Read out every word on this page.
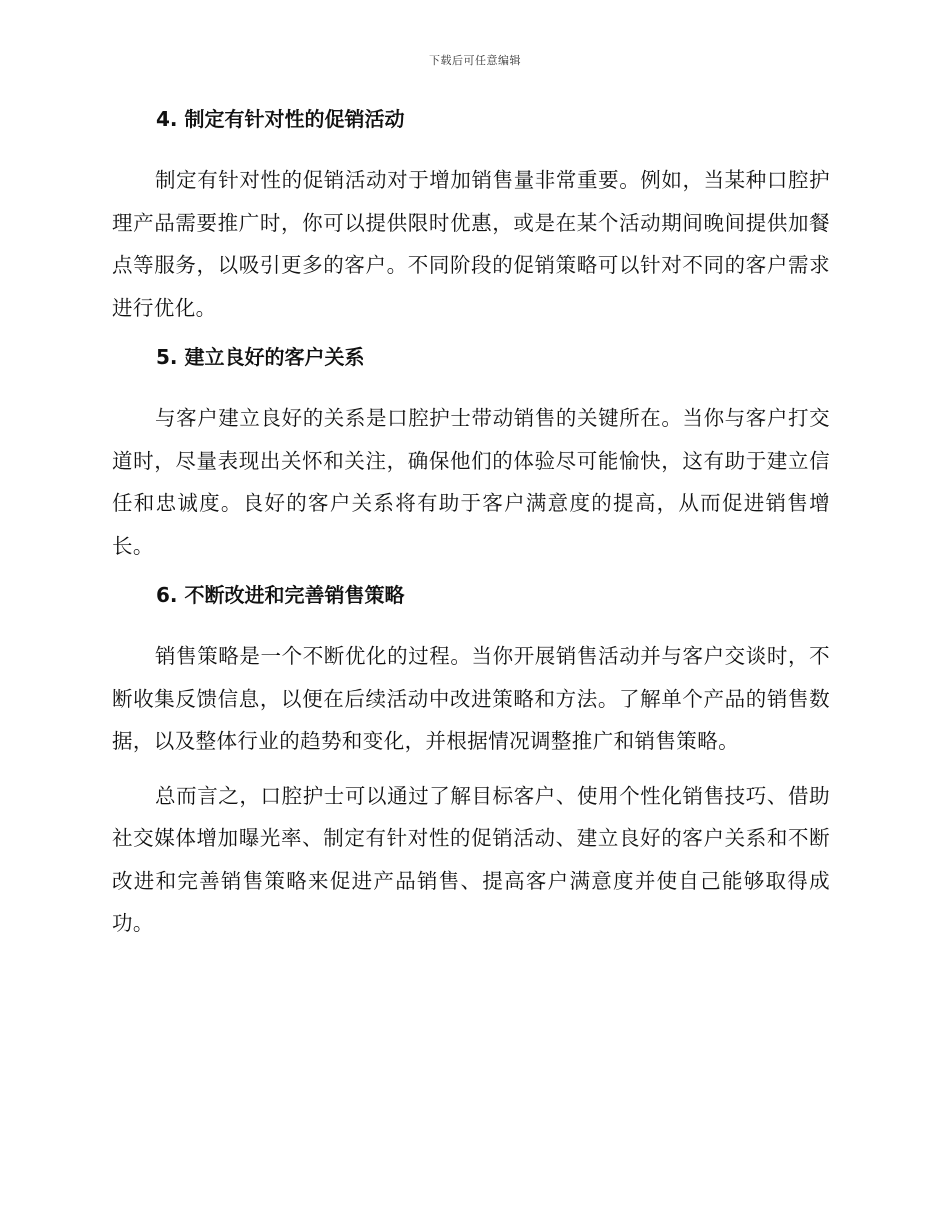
下载后可任意编辑
4. 制定有针对性的促销活动

制定有针对性的促销活动对于增加销售量非常重要。例如，当某种口腔护理产品需要推广时，你可以提供限时优惠，或是在某个活动期间晚间提供加餐点等服务，以吸引更多的客户。不同阶段的促销策略可以针对不同的客户需求进行优化。

5. 建立良好的客户关系

与客户建立良好的关系是口腔护士带动销售的关键所在。当你与客户打交道时，尽量表现出关怀和关注，确保他们的体验尽可能愉快，这有助于建立信任和忠诚度。良好的客户关系将有助于客户满意度的提高，从而促进销售增长。

6. 不断改进和完善销售策略

销售策略是一个不断优化的过程。当你开展销售活动并与客户交谈时，不断收集反馈信息，以便在后续活动中改进策略和方法。了解单个产品的销售数据，以及整体行业的趋势和变化，并根据情况调整推广和销售策略。

总而言之，口腔护士可以通过了解目标客户、使用个性化销售技巧、借助社交媒体增加曝光率、制定有针对性的促销活动、建立良好的客户关系和不断改进和完善销售策略来促进产品销售、提高客户满意度并使自己能够取得成功。
